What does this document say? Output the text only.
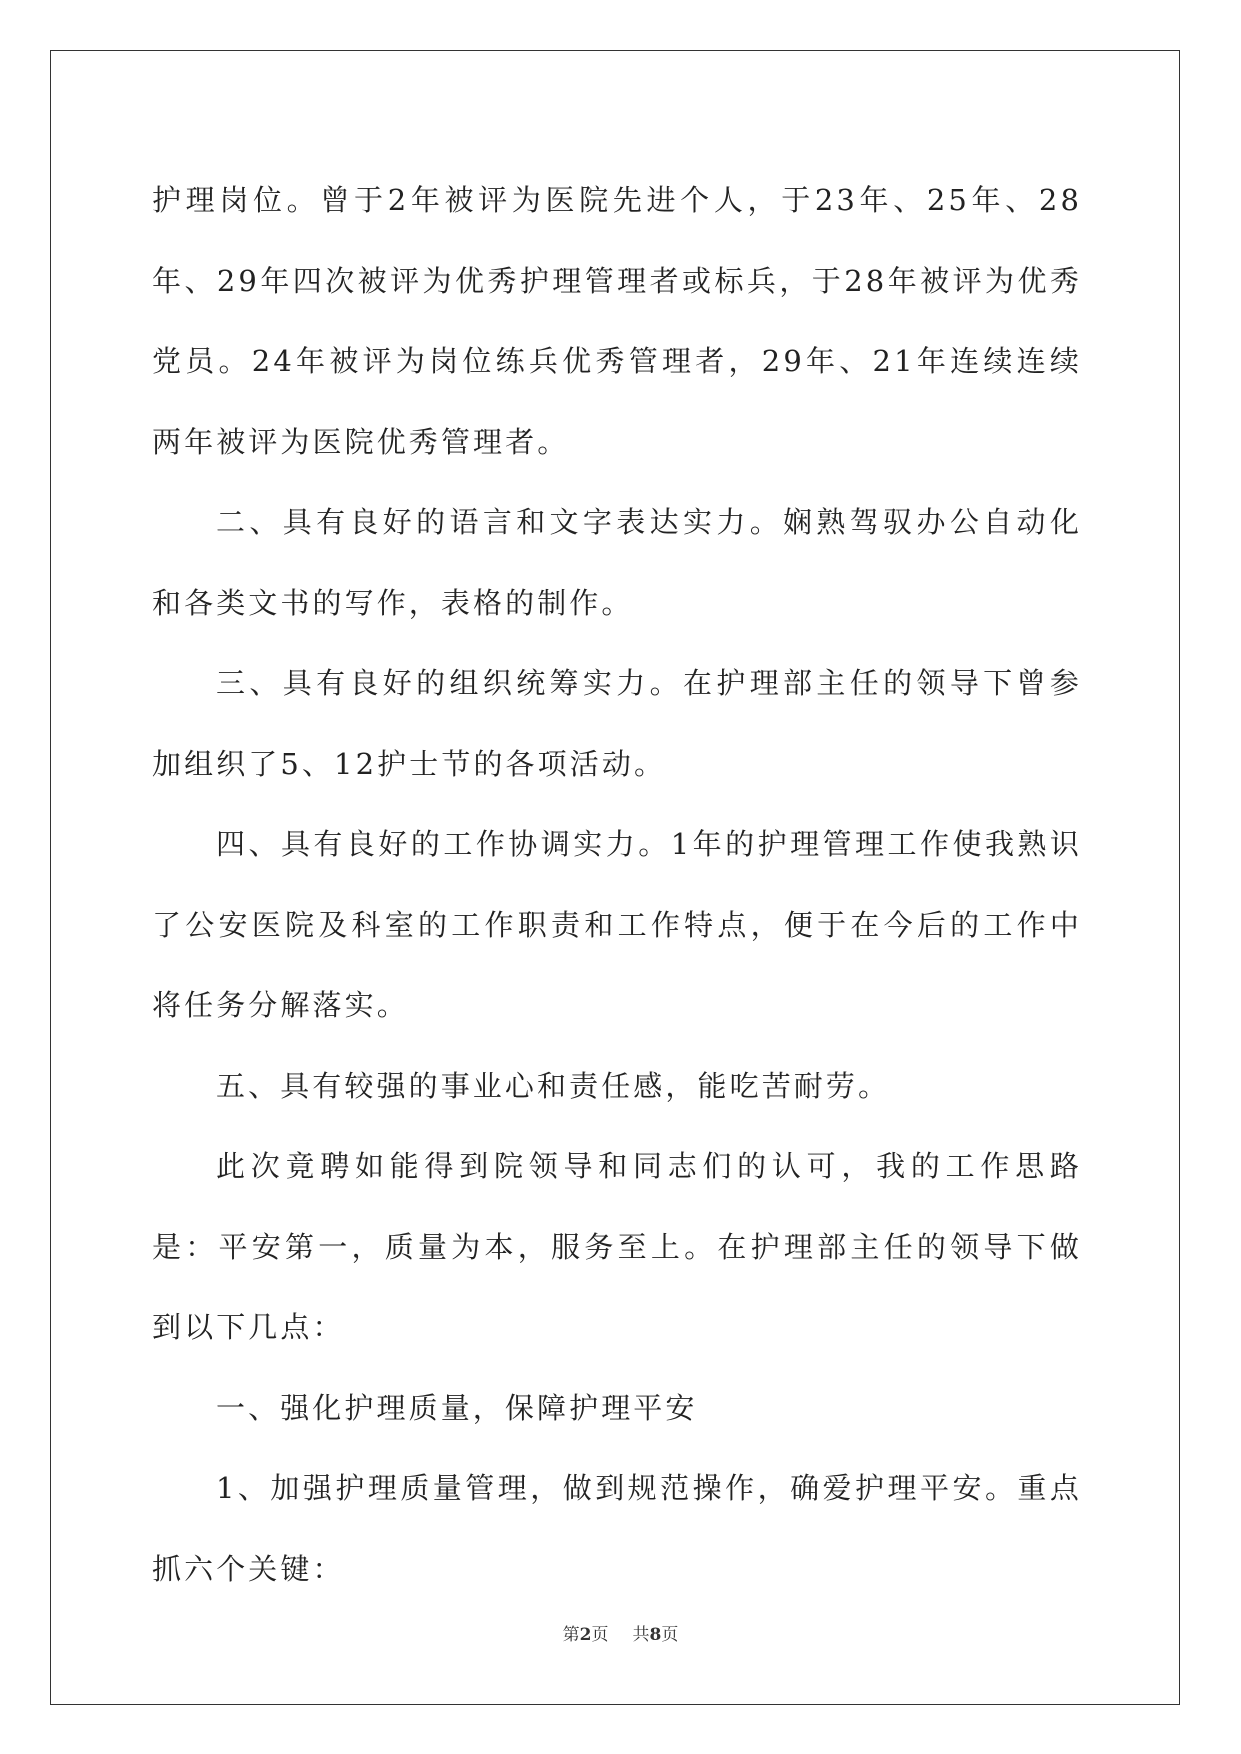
护理岗位。曾于2年被评为医院先进个人，于23年、25年、28年、29年四次被评为优秀护理管理者或标兵，于28年被评为优秀党员。24年被评为岗位练兵优秀管理者，29年、21年连续连续两年被评为医院优秀管理者。

二、具有良好的语言和文字表达实力。娴熟驾驭办公自动化和各类文书的写作，表格的制作。

三、具有良好的组织统筹实力。在护理部主任的领导下曾参加组织了5、12护士节的各项活动。

四、具有良好的工作协调实力。1年的护理管理工作使我熟识了公安医院及科室的工作职责和工作特点，便于在今后的工作中将任务分解落实。

五、具有较强的事业心和责任感，能吃苦耐劳。

此次竟聘如能得到院领导和同志们的认可，我的工作思路是：平安第一，质量为本，服务至上。在护理部主任的领导下做到以下几点：

一、强化护理质量，保障护理平安

1、加强护理质量管理，做到规范操作，确爱护理平安。重点抓六个关键：

第2页 共8页
